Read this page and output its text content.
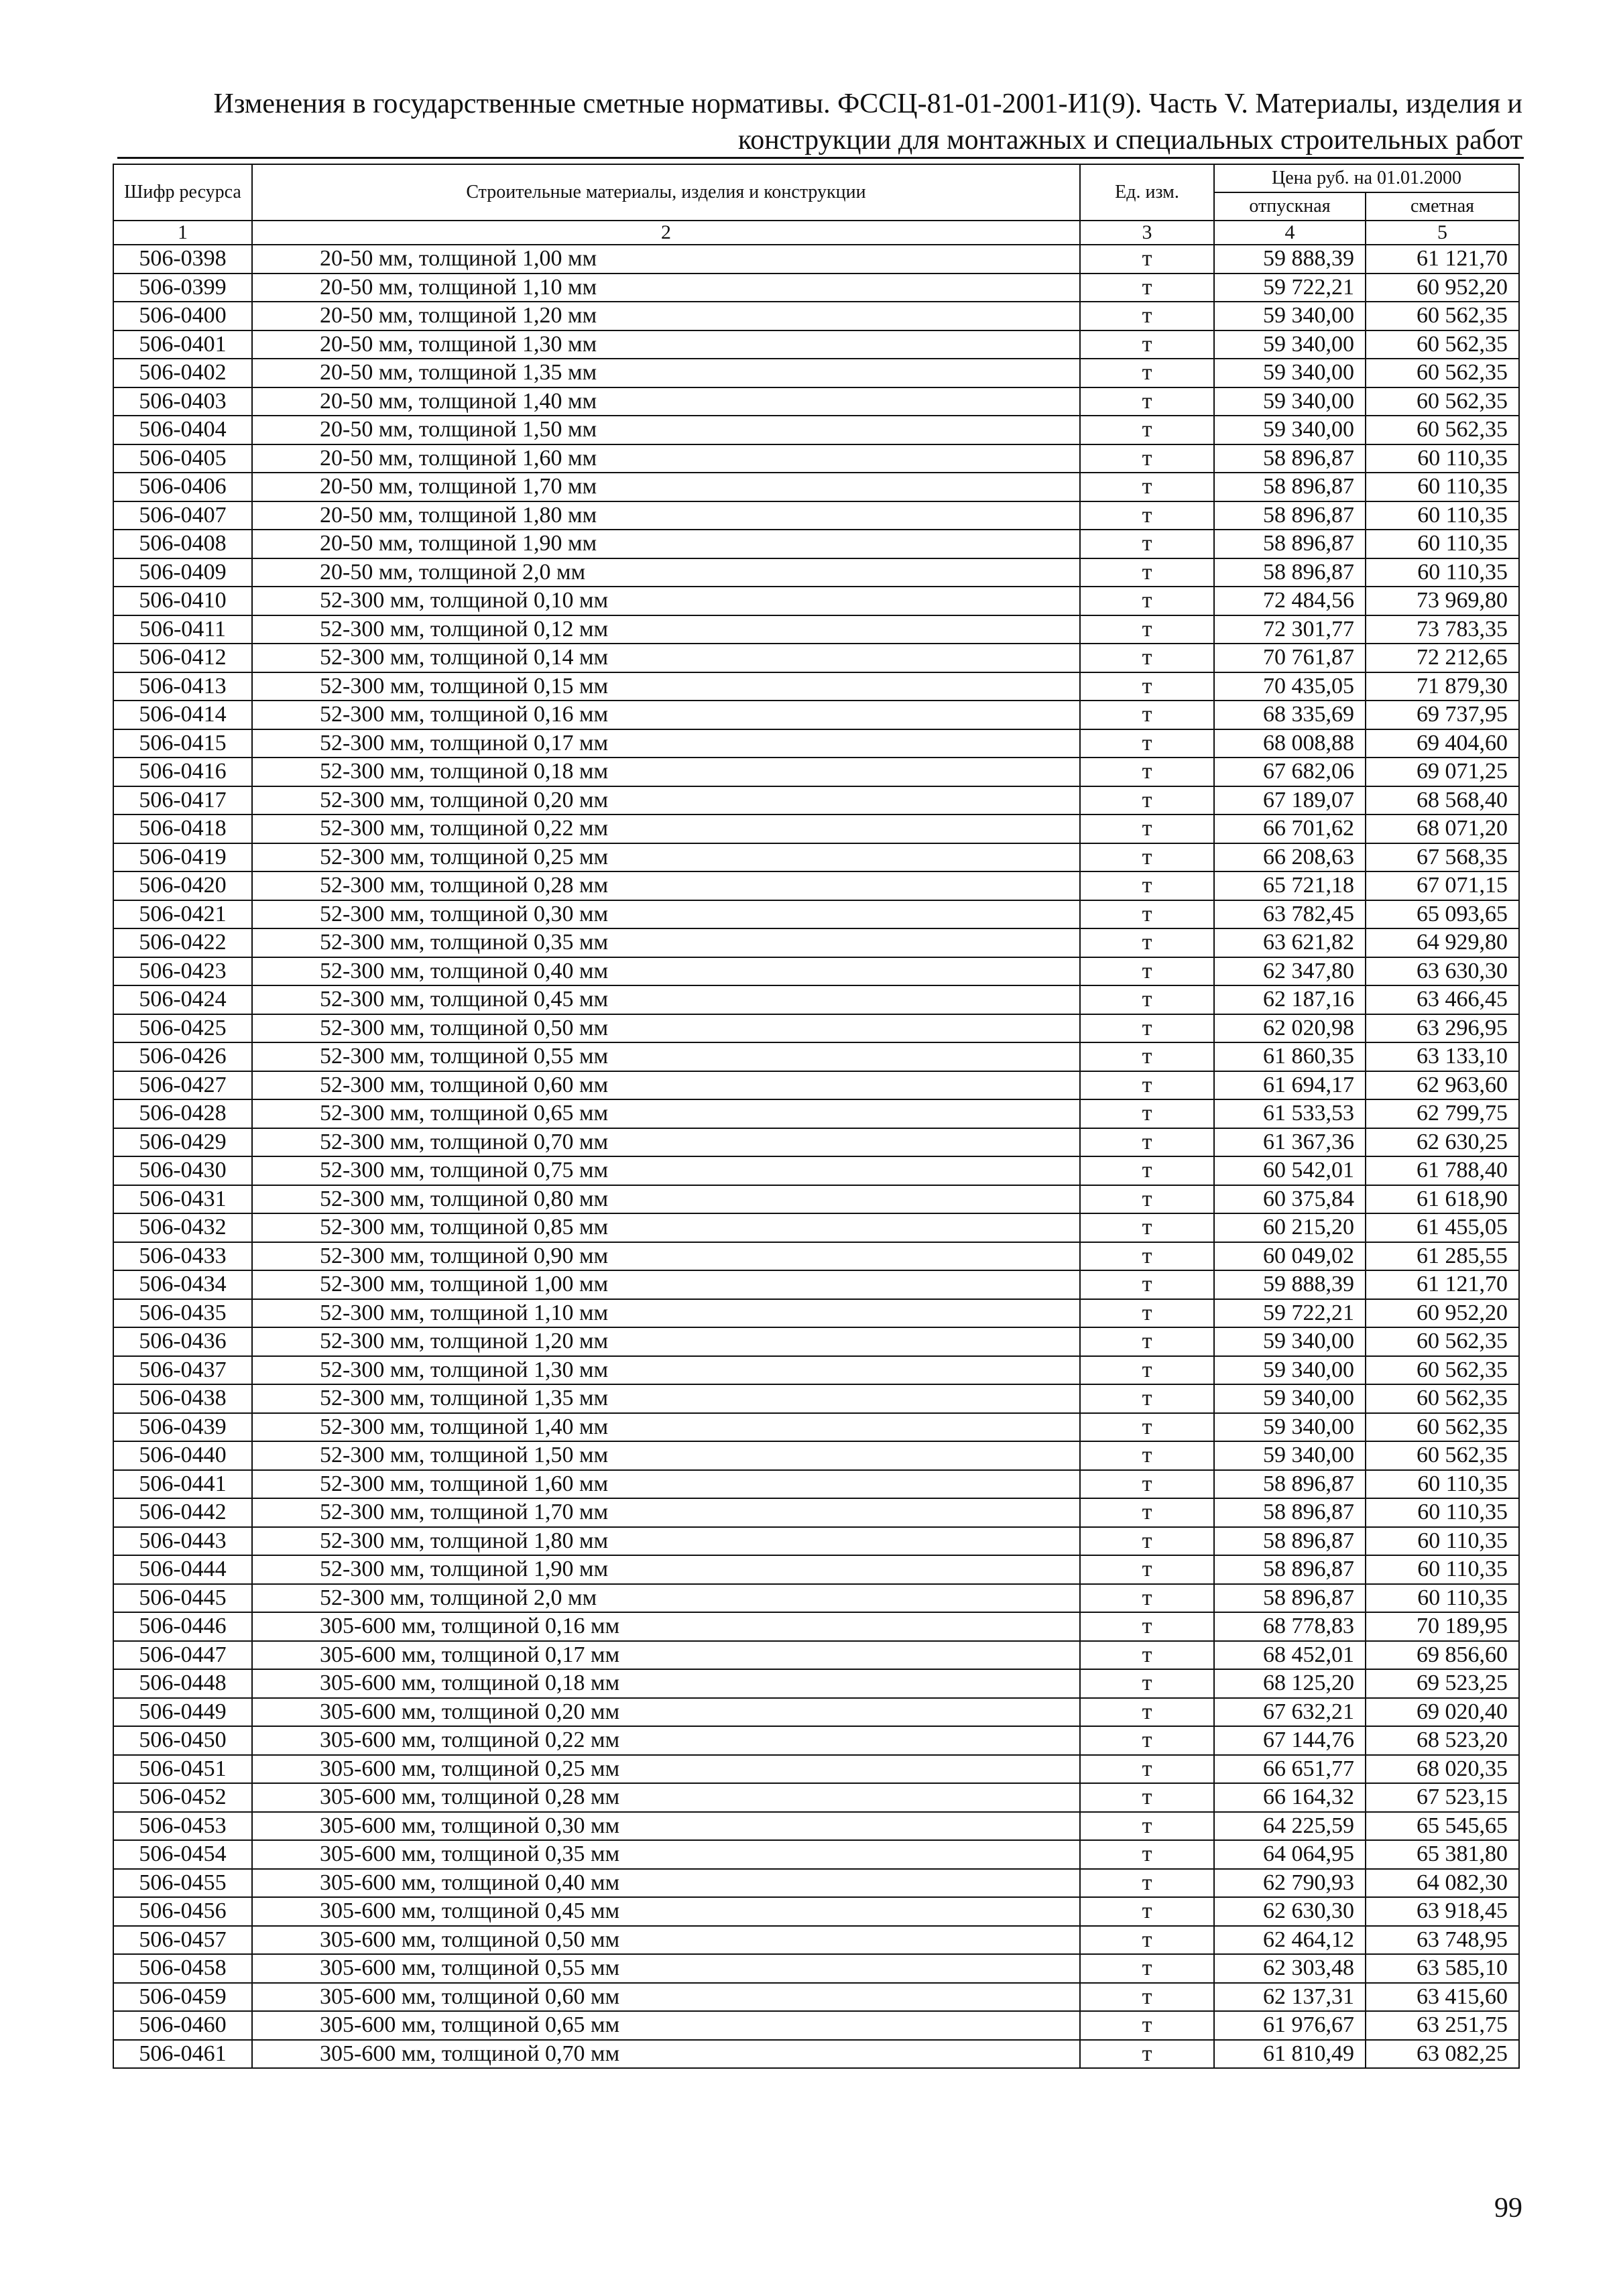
Изменения в государственные сметные нормативы. ФССЦ-81-01-2001-И1(9). Часть V. Материалы, изделия и
конструкции для монтажных и специальных строительных работ
Шифр ресурса	Строительные материалы, изделия и конструкции	Ед. изм.	Цена руб. на 01.01.2000	
			отпускная	сметная
1	2	3	4	5
506-0398	20-50 мм, толщиной 1,00 мм	т	59 888,39	61 121,70
506-0399	20-50 мм, толщиной 1,10 мм	т	59 722,21	60 952,20
506-0400	20-50 мм, толщиной 1,20 мм	т	59 340,00	60 562,35
506-0401	20-50 мм, толщиной 1,30 мм	т	59 340,00	60 562,35
506-0402	20-50 мм, толщиной 1,35 мм	т	59 340,00	60 562,35
506-0403	20-50 мм, толщиной 1,40 мм	т	59 340,00	60 562,35
506-0404	20-50 мм, толщиной 1,50 мм	т	59 340,00	60 562,35
506-0405	20-50 мм, толщиной 1,60 мм	т	58 896,87	60 110,35
506-0406	20-50 мм, толщиной 1,70 мм	т	58 896,87	60 110,35
506-0407	20-50 мм, толщиной 1,80 мм	т	58 896,87	60 110,35
506-0408	20-50 мм, толщиной 1,90 мм	т	58 896,87	60 110,35
506-0409	20-50 мм, толщиной 2,0 мм	т	58 896,87	60 110,35
506-0410	52-300 мм, толщиной 0,10 мм	т	72 484,56	73 969,80
506-0411	52-300 мм, толщиной 0,12 мм	т	72 301,77	73 783,35
506-0412	52-300 мм, толщиной 0,14 мм	т	70 761,87	72 212,65
506-0413	52-300 мм, толщиной 0,15 мм	т	70 435,05	71 879,30
506-0414	52-300 мм, толщиной 0,16 мм	т	68 335,69	69 737,95
506-0415	52-300 мм, толщиной 0,17 мм	т	68 008,88	69 404,60
506-0416	52-300 мм, толщиной 0,18 мм	т	67 682,06	69 071,25
506-0417	52-300 мм, толщиной 0,20 мм	т	67 189,07	68 568,40
506-0418	52-300 мм, толщиной 0,22 мм	т	66 701,62	68 071,20
506-0419	52-300 мм, толщиной 0,25 мм	т	66 208,63	67 568,35
506-0420	52-300 мм, толщиной 0,28 мм	т	65 721,18	67 071,15
506-0421	52-300 мм, толщиной 0,30 мм	т	63 782,45	65 093,65
506-0422	52-300 мм, толщиной 0,35 мм	т	63 621,82	64 929,80
506-0423	52-300 мм, толщиной 0,40 мм	т	62 347,80	63 630,30
506-0424	52-300 мм, толщиной 0,45 мм	т	62 187,16	63 466,45
506-0425	52-300 мм, толщиной 0,50 мм	т	62 020,98	63 296,95
506-0426	52-300 мм, толщиной 0,55 мм	т	61 860,35	63 133,10
506-0427	52-300 мм, толщиной 0,60 мм	т	61 694,17	62 963,60
506-0428	52-300 мм, толщиной 0,65 мм	т	61 533,53	62 799,75
506-0429	52-300 мм, толщиной 0,70 мм	т	61 367,36	62 630,25
506-0430	52-300 мм, толщиной 0,75 мм	т	60 542,01	61 788,40
506-0431	52-300 мм, толщиной 0,80 мм	т	60 375,84	61 618,90
506-0432	52-300 мм, толщиной 0,85 мм	т	60 215,20	61 455,05
506-0433	52-300 мм, толщиной 0,90 мм	т	60 049,02	61 285,55
506-0434	52-300 мм, толщиной 1,00 мм	т	59 888,39	61 121,70
506-0435	52-300 мм, толщиной 1,10 мм	т	59 722,21	60 952,20
506-0436	52-300 мм, толщиной 1,20 мм	т	59 340,00	60 562,35
506-0437	52-300 мм, толщиной 1,30 мм	т	59 340,00	60 562,35
506-0438	52-300 мм, толщиной 1,35 мм	т	59 340,00	60 562,35
506-0439	52-300 мм, толщиной 1,40 мм	т	59 340,00	60 562,35
506-0440	52-300 мм, толщиной 1,50 мм	т	59 340,00	60 562,35
506-0441	52-300 мм, толщиной 1,60 мм	т	58 896,87	60 110,35
506-0442	52-300 мм, толщиной 1,70 мм	т	58 896,87	60 110,35
506-0443	52-300 мм, толщиной 1,80 мм	т	58 896,87	60 110,35
506-0444	52-300 мм, толщиной 1,90 мм	т	58 896,87	60 110,35
506-0445	52-300 мм, толщиной 2,0 мм	т	58 896,87	60 110,35
506-0446	305-600 мм, толщиной 0,16 мм	т	68 778,83	70 189,95
506-0447	305-600 мм, толщиной 0,17 мм	т	68 452,01	69 856,60
506-0448	305-600 мм, толщиной 0,18 мм	т	68 125,20	69 523,25
506-0449	305-600 мм, толщиной 0,20 мм	т	67 632,21	69 020,40
506-0450	305-600 мм, толщиной 0,22 мм	т	67 144,76	68 523,20
506-0451	305-600 мм, толщиной 0,25 мм	т	66 651,77	68 020,35
506-0452	305-600 мм, толщиной 0,28 мм	т	66 164,32	67 523,15
506-0453	305-600 мм, толщиной 0,30 мм	т	64 225,59	65 545,65
506-0454	305-600 мм, толщиной 0,35 мм	т	64 064,95	65 381,80
506-0455	305-600 мм, толщиной 0,40 мм	т	62 790,93	64 082,30
506-0456	305-600 мм, толщиной 0,45 мм	т	62 630,30	63 918,45
506-0457	305-600 мм, толщиной 0,50 мм	т	62 464,12	63 748,95
506-0458	305-600 мм, толщиной 0,55 мм	т	62 303,48	63 585,10
506-0459	305-600 мм, толщиной 0,60 мм	т	62 137,31	63 415,60
506-0460	305-600 мм, толщиной 0,65 мм	т	61 976,67	63 251,75
506-0461	305-600 мм, толщиной 0,70 мм	т	61 810,49	63 082,25
99
